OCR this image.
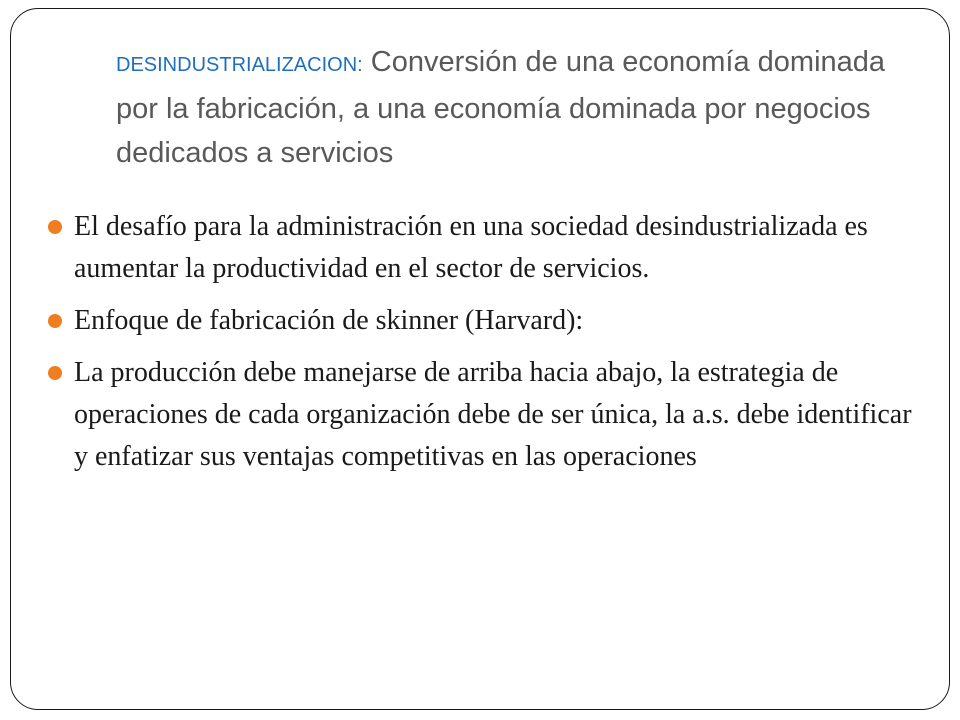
DESINDUSTRIALIZACION: Conversión de una economía dominada por la fabricación, a una economía dominada por negocios dedicados a servicios
El desafío para la administración en una sociedad desindustrializada es aumentar la productividad en el sector de servicios.
Enfoque de fabricación de skinner (Harvard):
La producción debe manejarse de arriba hacia abajo, la estrategia de operaciones de cada organización debe de ser única, la a.s. debe identificar y enfatizar sus ventajas competitivas en las operaciones
